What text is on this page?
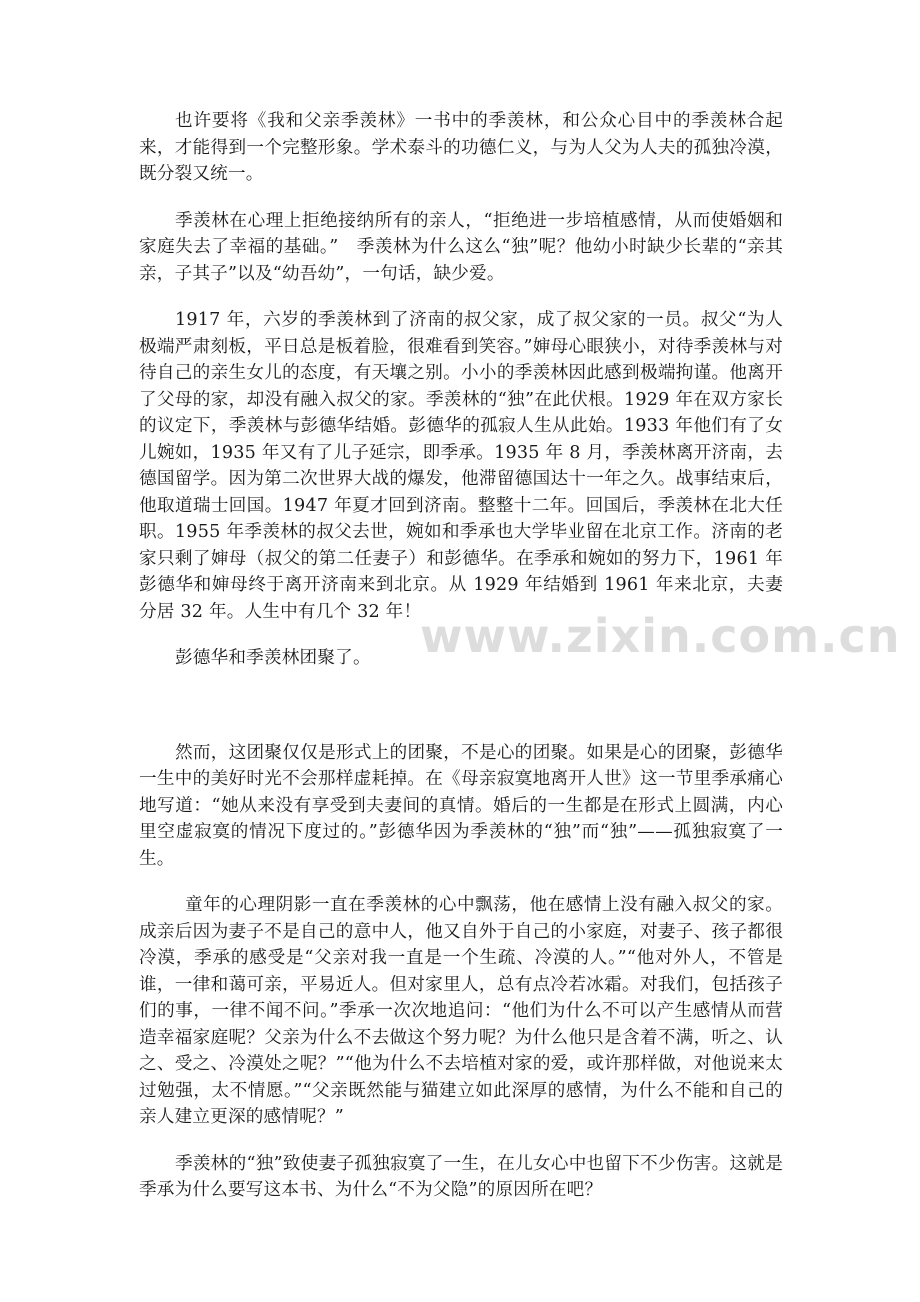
也许要将《我和父亲季羡林》一书中的季羡林，和公众心目中的季羡林合起来，才能得到一个完整形象。学术泰斗的功德仁义，与为人父为人夫的孤独冷漠，既分裂又统一。

季羡林在心理上拒绝接纳所有的亲人，“拒绝进一步培植感情，从而使婚姻和家庭失去了幸福的基础。”　季羡林为什么这么“独”呢？他幼小时缺少长辈的“亲其亲，子其子”以及“幼吾幼”，一句话，缺少爱。

1917 年，六岁的季羡林到了济南的叔父家，成了叔父家的一员。叔父“为人极端严肃刻板，平日总是板着脸，很难看到笑容。”婶母心眼狭小，对待季羡林与对待自己的亲生女儿的态度，有天壤之别。小小的季羡林因此感到极端拘谨。他离开了父母的家，却没有融入叔父的家。季羡林的“独”在此伏根。1929 年在双方家长的议定下，季羡林与彭德华结婚。彭德华的孤寂人生从此始。1933 年他们有了女儿婉如，1935 年又有了儿子延宗，即季承。1935 年 8 月，季羡林离开济南，去德国留学。因为第二次世界大战的爆发，他滞留德国达十一年之久。战事结束后，他取道瑞士回国。1947 年夏才回到济南。整整十二年。回国后，季羡林在北大任职。1955 年季羡林的叔父去世，婉如和季承也大学毕业留在北京工作。济南的老家只剩了婶母（叔父的第二任妻子）和彭德华。在季承和婉如的努力下，1961 年彭德华和婶母终于离开济南来到北京。从 1929 年结婚到 1961 年来北京，夫妻分居 32 年。人生中有几个 32 年！

彭德华和季羡林团聚了。

然而，这团聚仅仅是形式上的团聚，不是心的团聚。如果是心的团聚，彭德华一生中的美好时光不会那样虚耗掉。在《母亲寂寞地离开人世》这一节里季承痛心地写道：“她从来没有享受到夫妻间的真情。婚后的一生都是在形式上圆满，内心里空虚寂寞的情况下度过的。”彭德华因为季羡林的“独”而“独”——孤独寂寞了一生。

童年的心理阴影一直在季羡林的心中飘荡，他在感情上没有融入叔父的家。成亲后因为妻子不是自己的意中人，他又自外于自己的小家庭，对妻子、孩子都很冷漠，季承的感受是“父亲对我一直是一个生疏、冷漠的人。”“他对外人，不管是谁，一律和蔼可亲，平易近人。但对家里人，总有点冷若冰霜。对我们，包括孩子们的事，一律不闻不问。”季承一次次地追问：“他们为什么不可以产生感情从而营造幸福家庭呢？父亲为什么不去做这个努力呢？为什么他只是含着不满，听之、认之、受之、冷漠处之呢？”“他为什么不去培植对家的爱，或许那样做，对他说来太过勉强，太不情愿。”“父亲既然能与猫建立如此深厚的感情，为什么不能和自己的亲人建立更深的感情呢？”

季羡林的“独”致使妻子孤独寂寞了一生，在儿女心中也留下不少伤害。这就是季承为什么要写这本书、为什么“不为父隐”的原因所在吧？

www.zixin.com.cn
